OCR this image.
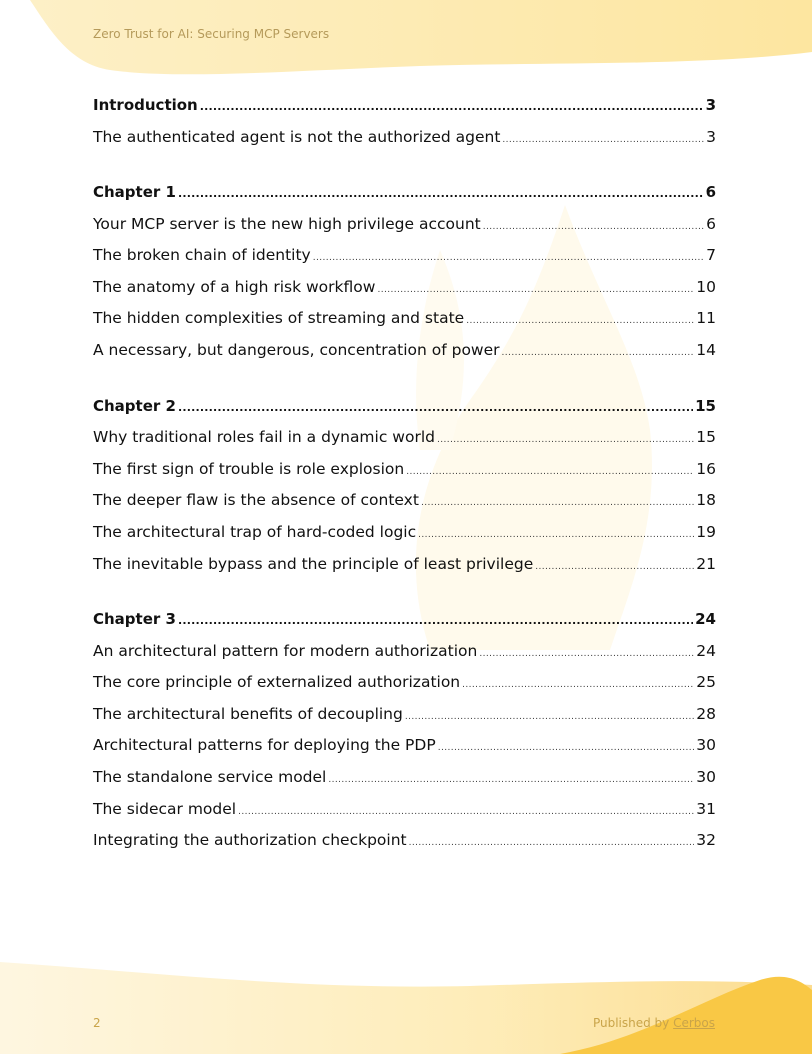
Zero Trust for AI: Securing MCP Servers
Introduction .....	3
The authenticated agent is not the authorized agent .....	3
Chapter 1 .....	6
Your MCP server is the new high privilege account .....	6
The broken chain of identity .....	7
The anatomy of a high risk workflow .....	10
The hidden complexities of streaming and state .....	11
A necessary, but dangerous, concentration of power .....	14
Chapter 2 .....	15
Why traditional roles fail in a dynamic world .....	15
The first sign of trouble is role explosion .....	16
The deeper flaw is the absence of context .....	18
The architectural trap of hard-coded logic .....	19
The inevitable bypass and the principle of least privilege .....	21
Chapter 3 .....	24
An architectural pattern for modern authorization .....	24
The core principle of externalized authorization .....	25
The architectural benefits of decoupling .....	28
Architectural patterns for deploying the PDP .....	30
The standalone service model .....	30
The sidecar model .....	31
Integrating the authorization checkpoint .....	32
2	Published by Cerbos
